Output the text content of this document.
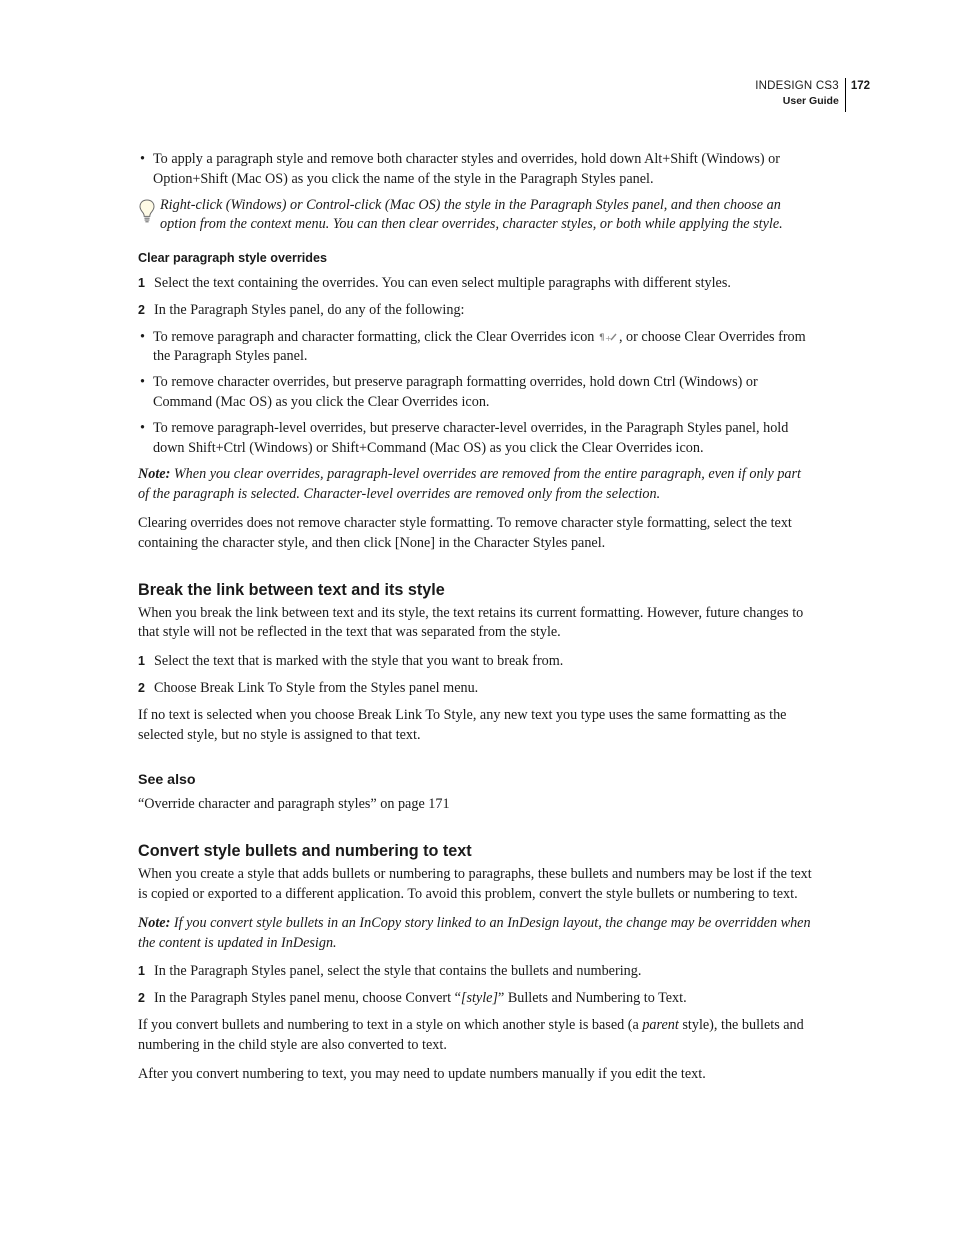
INDESIGN CS3
User Guide
172
• To apply a paragraph style and remove both character styles and overrides, hold down Alt+Shift (Windows) or Option+Shift (Mac OS) as you click the name of the style in the Paragraph Styles panel.
Right-click (Windows) or Control-click (Mac OS) the style in the Paragraph Styles panel, and then choose an option from the context menu. You can then clear overrides, character styles, or both while applying the style.
Clear paragraph style overrides
1 Select the text containing the overrides. You can even select multiple paragraphs with different styles.
2 In the Paragraph Styles panel, do any of the following:
• To remove paragraph and character formatting, click the Clear Overrides icon ¶ + , or choose Clear Overrides from the Paragraph Styles panel.
• To remove character overrides, but preserve paragraph formatting overrides, hold down Ctrl (Windows) or Command (Mac OS) as you click the Clear Overrides icon.
• To remove paragraph-level overrides, but preserve character-level overrides, in the Paragraph Styles panel, hold down Shift+Ctrl (Windows) or Shift+Command (Mac OS) as you click the Clear Overrides icon.

Note: When you clear overrides, paragraph-level overrides are removed from the entire paragraph, even if only part of the paragraph is selected. Character-level overrides are removed only from the selection.

Clearing overrides does not remove character style formatting. To remove character style formatting, select the text containing the character style, and then click [None] in the Character Styles panel.

Break the link between text and its style

When you break the link between text and its style, the text retains its current formatting. However, future changes to that style will not be reflected in the text that was separated from the style.

1 Select the text that is marked with the style that you want to break from.
2 Choose Break Link To Style from the Styles panel menu.

If no text is selected when you choose Break Link To Style, any new text you type uses the same formatting as the selected style, but no style is assigned to that text.

See also

“Override character and paragraph styles” on page 171

Convert style bullets and numbering to text

When you create a style that adds bullets or numbering to paragraphs, these bullets and numbers may be lost if the text is copied or exported to a different application. To avoid this problem, convert the style bullets or numbering to text.

Note: If you convert style bullets in an InCopy story linked to an InDesign layout, the change may be overridden when the content is updated in InDesign.

1 In the Paragraph Styles panel, select the style that contains the bullets and numbering.
2 In the Paragraph Styles panel menu, choose Convert “[style]” Bullets and Numbering to Text.

If you convert bullets and numbering to text in a style on which another style is based (a parent style), the bullets and numbering in the child style are also converted to text.

After you convert numbering to text, you may need to update numbers manually if you edit the text.
